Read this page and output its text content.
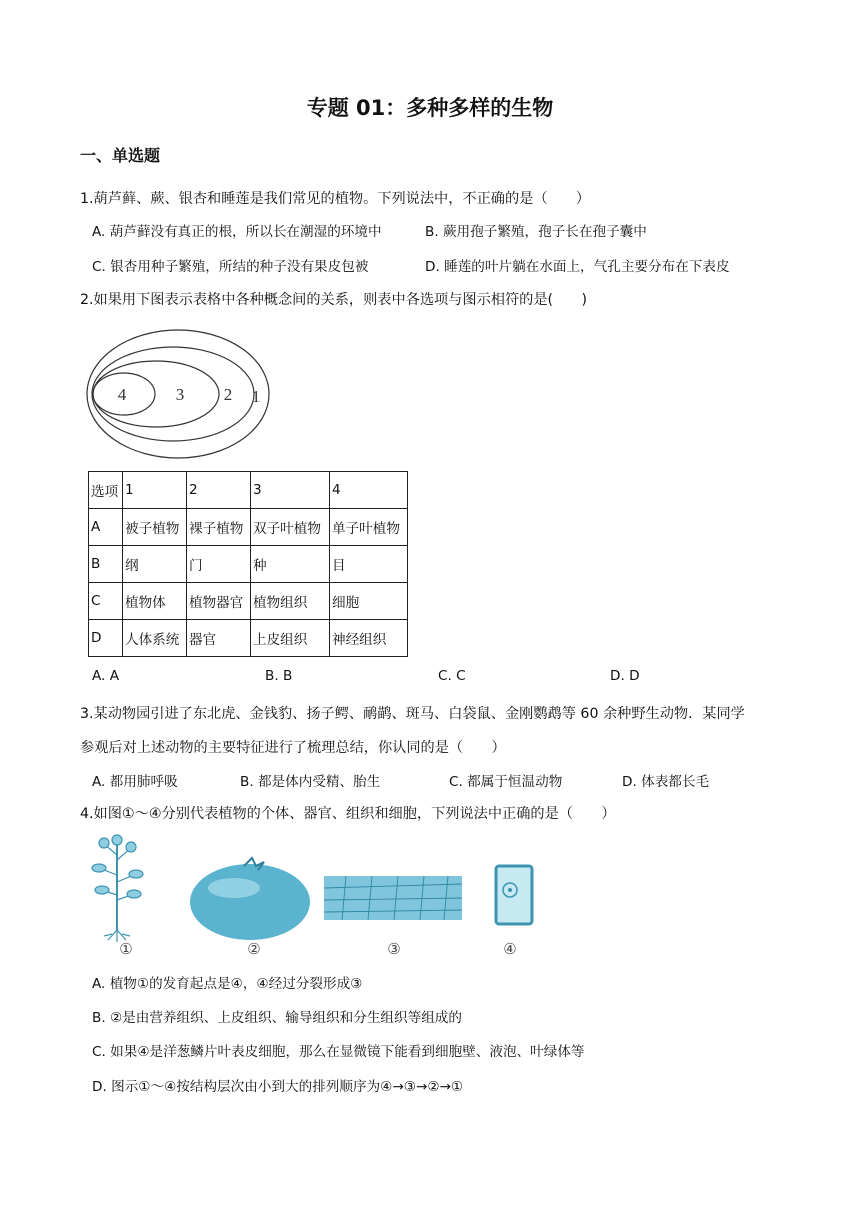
专题 01：多种多样的生物
一、单选题
1.葫芦藓、蕨、银杏和睡莲是我们常见的植物。下列说法中，不正确的是（　　）
A. 葫芦藓没有真正的根，所以长在潮湿的环境中	B. 蕨用孢子繁殖，孢子长在孢子囊中
C. 银杏用种子繁殖，所结的种子没有果皮包被	D. 睡莲的叶片躺在水面上，气孔主要分布在下表皮
2.如果用下图表示表格中各种概念间的关系，则表中各选项与图示相符的是(　　)
4	3 2 1
选项	1	2	3	4
A	被子植物	裸子植物	双子叶植物	单子叶植物
B	纲	门	种	目
C	植物体	植物器官	植物组织	细胞
D	人体系统	器官	上皮组织	神经组织
A. A	B. B	C. C	D. D
3.某动物园引进了东北虎、金钱豹、扬子鳄、鸸鹋、斑马、白袋鼠、金刚鹦鹉等 60 余种野生动物．某同学
参观后对上述动物的主要特征进行了梳理总结，你认同的是（　　）
A. 都用肺呼吸	B. 都是体内受精、胎生	C. 都属于恒温动物	D. 体表都长毛
4.如图①～④分别代表植物的个体、器官、组织和细胞，下列说法中正确的是（　　）
①	②	③	④
A. 植物①的发育起点是④，④经过分裂形成③
B. ②是由营养组织、上皮组织、输导组织和分生组织等组成的
C. 如果④是洋葱鳞片叶表皮细胞，那么在显微镜下能看到细胞壁、液泡、叶绿体等
D. 图示①～④按结构层次由小到大的排列顺序为④→③→②→①
